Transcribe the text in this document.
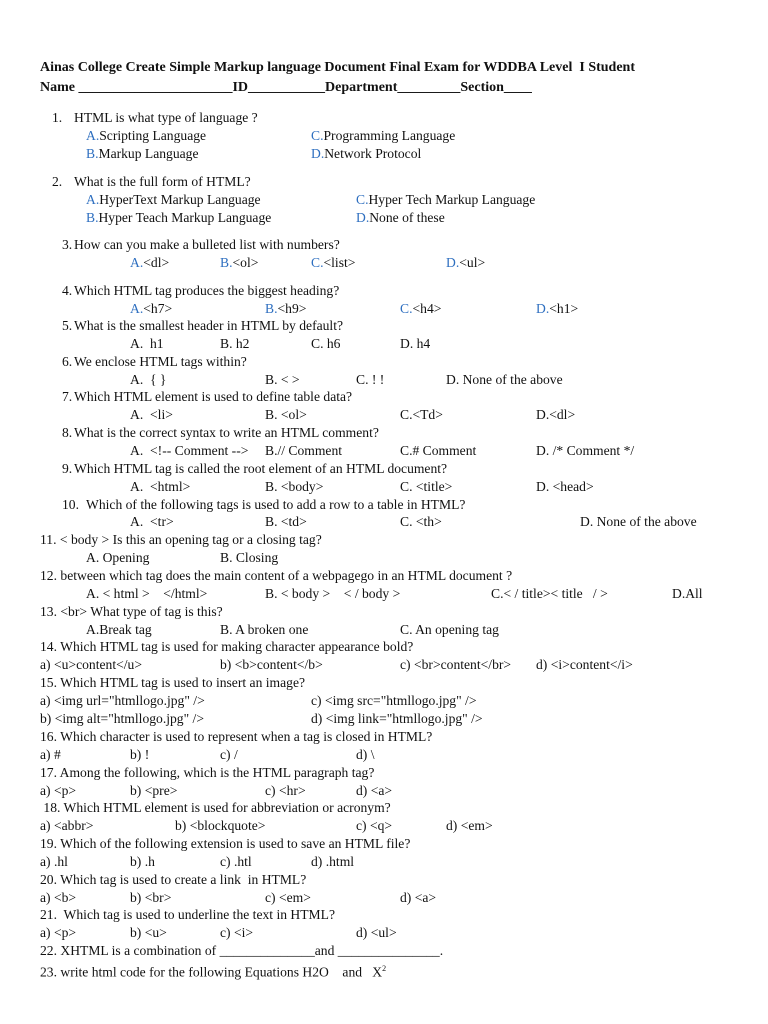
Ainas College Create Simple Markup language Document Final Exam for WDDBA Level  I Student
Name ______________________ID___________Department_________Section____
1. HTML is what type of language ?
A.Scripting Language	C.Programming Language
B.Markup Language	D.Network Protocol
2. What is the full form of HTML?
A.HyperText Markup Language	C.Hyper Tech Markup Language
B.Hyper Teach Markup Language	D.None of these
3. How can you make a bulleted list with numbers?
A.<dl>	B.<ol>	C.<list>	D.<ul>
4. Which HTML tag produces the biggest heading?
A.<h7>	B.<h9>	C.<h4>	D.<h1>
5. What is the smallest header in HTML by default?
A.  h1	B. h2	C. h6	D. h4
6. We enclose HTML tags within?
A.  { }	B. < >	C. ! !	D. None of the above
7. Which HTML element is used to define table data?
A.  <li>	B. <ol>	C.<Td>	D.<dl>
8. What is the correct syntax to write an HTML comment?
A.  <!-- Comment --> B.// Comment	C.# Comment	D. /* Comment */
9. Which HTML tag is called the root element of an HTML document?
A.  <html>	B. <body>	C. <title>	D. <head>
10. Which of the following tags is used to add a row to a table in HTML?
A.  <tr>	B. <td>	C. <th>	D. None of the above
11. < body > Is this an opening tag or a closing tag?
A. Opening	B. Closing
12. between which tag does the main content of a webpagego in an HTML document ?
A. < html >    </html>	B. < body >    < / body >	C.< / title>< title   / >	D.All
13. <br> What type of tag is this?
A.Break tag	B. A broken one	C. An opening tag
14. Which HTML tag is used for making character appearance bold?
a) <u>content</u>	b) <b>content</b>	c) <br>content</br> d) <i>content</i>
15. Which HTML tag is used to insert an image?
a) <img url="htmllogo.jpg" />	c) <img src="htmllogo.jpg" />
b) <img alt="htmllogo.jpg" />	d) <img link="htmllogo.jpg" />
16. Which character is used to represent when a tag is closed in HTML?
a) #	b) !	c) /	d) \
17. Among the following, which is the HTML paragraph tag?
a) <p>	b) <pre>	c) <hr>	d) <a>
18. Which HTML element is used for abbreviation or acronym?
a) <abbr>	b) <blockquote>	c) <q>	d) <em>
19. Which of the following extension is used to save an HTML file?
a) .hl	b) .h	c) .htl	d) .html
20. Which tag is used to create a link  in HTML?
a) <b>	b) <br>	c) <em>	d) <a>
21.  Which tag is used to underline the text in HTML?
a) <p>	b) <u>	c) <i>	d) <ul>
22. XHTML is a combination of ______________and _______________.
23. write html code for the following Equations H2O    and   $X^2$
